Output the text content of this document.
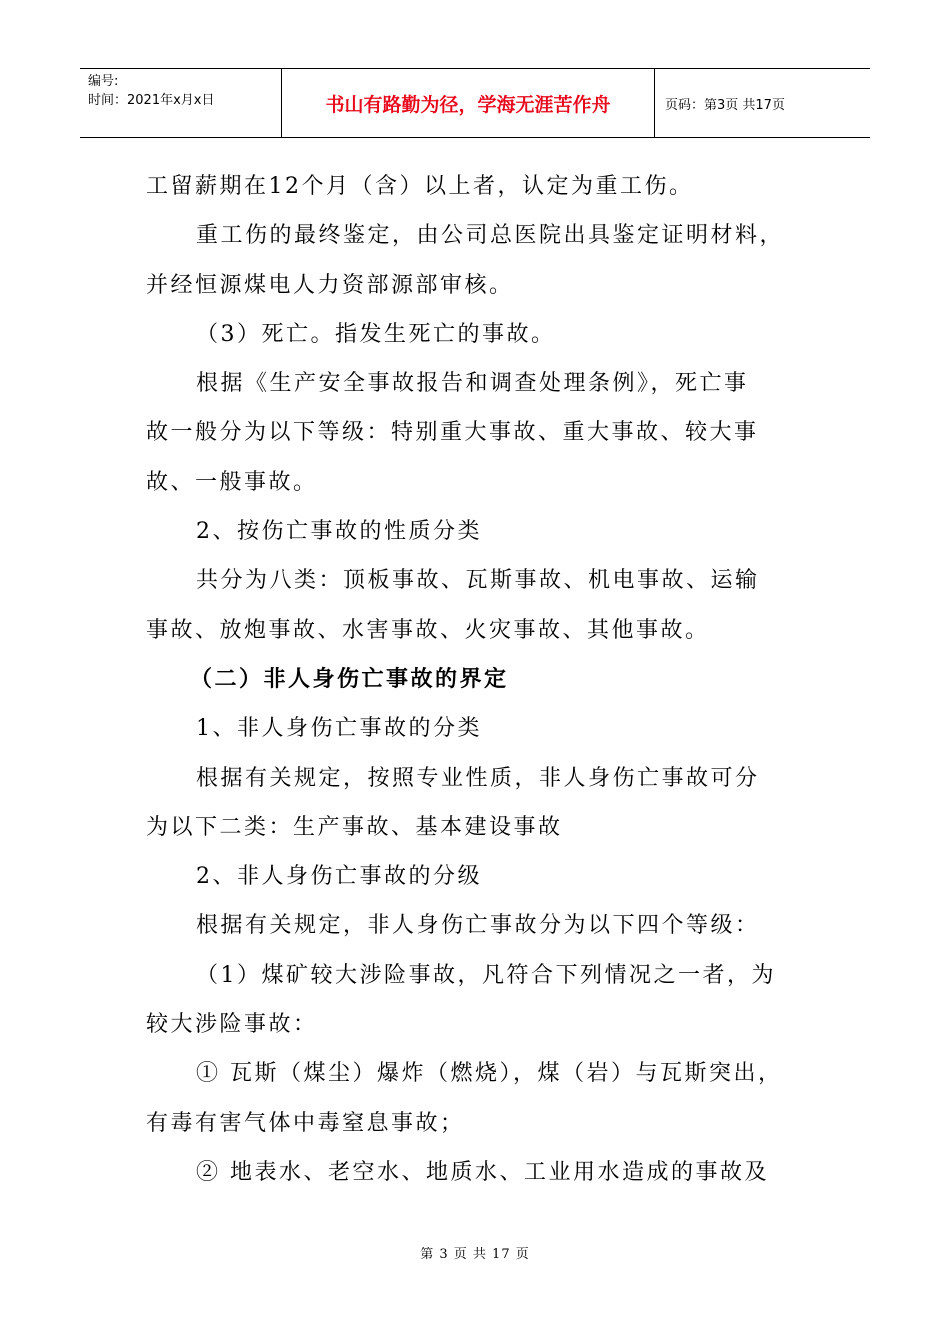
编号:
时间：2021年x月x日	书山有路勤为径，学海无涯苦作舟	页码：第3页 共17页

工留薪期在12个月（含）以上者，认定为重工伤。

重工伤的最终鉴定，由公司总医院出具鉴定证明材料，

并经恒源煤电人力资部源部审核。

（3）死亡。指发生死亡的事故。

根据《生产安全事故报告和调查处理条例》，死亡事

故一般分为以下等级：特别重大事故、重大事故、较大事

故、一般事故。

2、按伤亡事故的性质分类

共分为八类：顶板事故、瓦斯事故、机电事故、运输

事故、放炮事故、水害事故、火灾事故、其他事故。

（二）非人身伤亡事故的界定

1、非人身伤亡事故的分类

根据有关规定，按照专业性质，非人身伤亡事故可分

为以下二类：生产事故、基本建设事故

2、非人身伤亡事故的分级

根据有关规定，非人身伤亡事故分为以下四个等级：

（1）煤矿较大涉险事故，凡符合下列情况之一者，为

较大涉险事故：

① 瓦斯（煤尘）爆炸（燃烧），煤（岩）与瓦斯突出，

有毒有害气体中毒窒息事故；

② 地表水、老空水、地质水、工业用水造成的事故及

第 3 页 共 17 页
